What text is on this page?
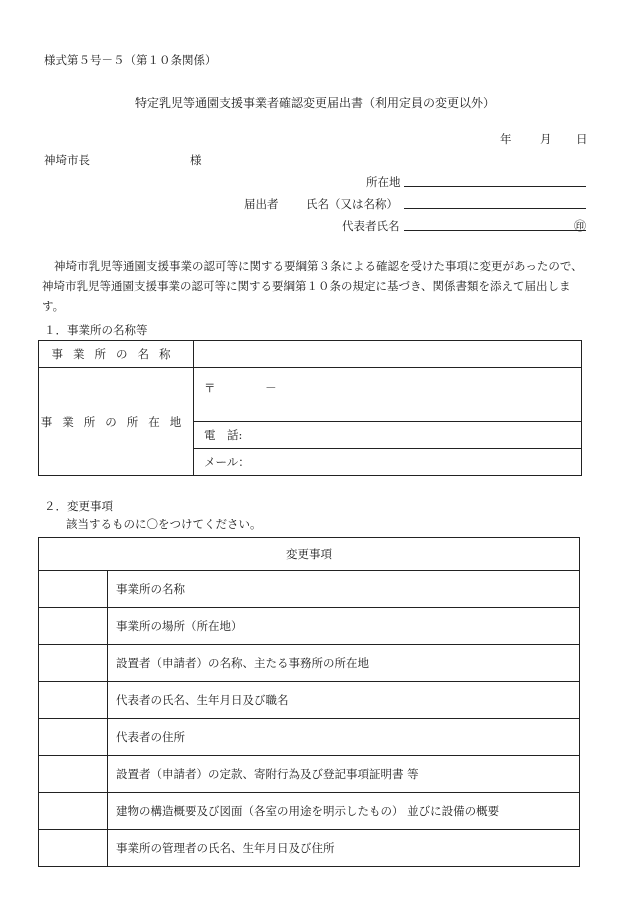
様式第５号－５（第１０条関係）
特定乳児等通園支援事業者確認変更届出書（利用定員の変更以外）
年 月 日
神埼市長	様
所在地
届出者 氏名（又は名称）
代表者氏名	㊞
神埼市乳児等通園支援事業の認可等に関する要綱第３条による確認を受けた事項に変更があったので、神埼市乳児等通園支援事業の認可等に関する要綱第１０条の規定に基づき、関係書類を添えて届出します。
１．事業所の名称等
事業所の名称	
事業所の所在地	〒 －
	電　話:
	メール：
２．変更事項
該当するものに〇をつけてください。
変更事項	
	事業所の名称
	事業所の場所（所在地）
	設置者（申請者）の名称、主たる事務所の所在地
	代表者の氏名、生年月日及び職名
	代表者の住所
	設置者（申請者）の定款、寄附行為及び登記事項証明書 等
	建物の構造概要及び図面（各室の用途を明示したもの） 並びに設備の概要
	事業所の管理者の氏名、生年月日及び住所
